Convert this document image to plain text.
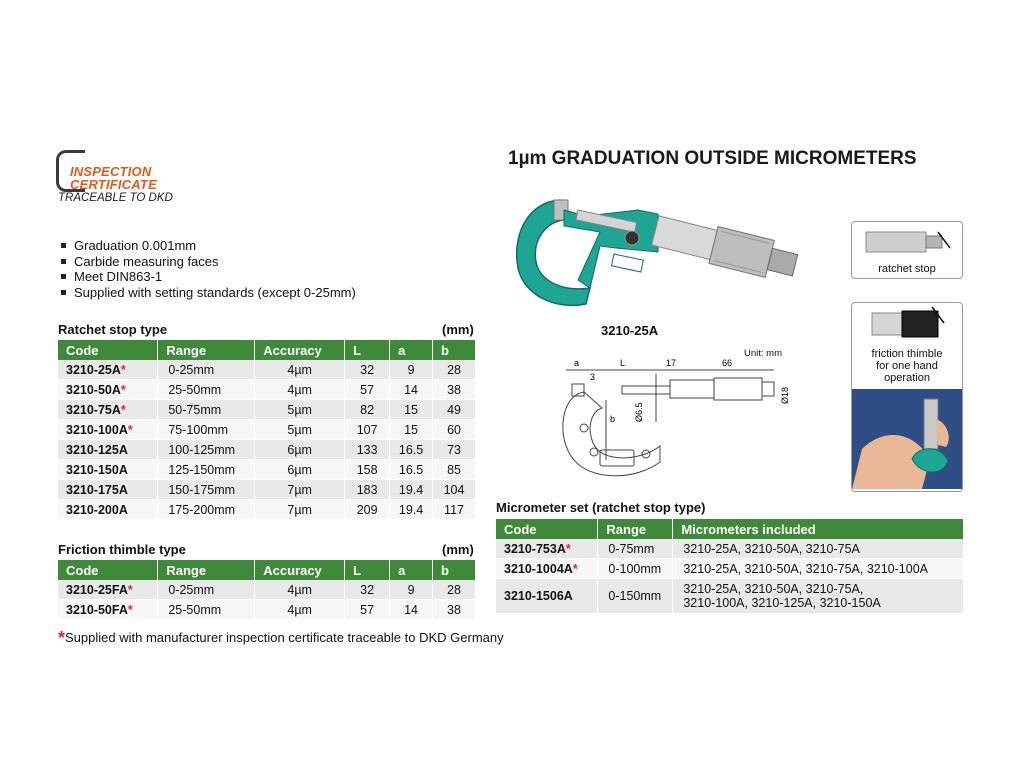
INSPECTION
CERTIFICATE
TRACEABLE TO DKD
1µm GRADUATION OUTSIDE MICROMETERS
Graduation 0.001mm
Carbide measuring faces
Meet DIN863-1
Supplied with setting standards (except 0-25mm)
Ratchet stop type	(mm)
Code	Range	Accuracy	L	a	b
3210-25A*	0-25mm	4µm	32	9	28
3210-50A*	25-50mm	4µm	57	14	38
3210-75A*	50-75mm	5µm	82	15	49
3210-100A*	75-100mm	5µm	107	15	60
3210-125A	100-125mm	6µm	133	16.5	73
3210-150A	125-150mm	6µm	158	16.5	85
3210-175A	150-175mm	7µm	183	19.4	104
3210-200A	175-200mm	7µm	209	19.4	117
Friction thimble type	(mm)
Code	Range	Accuracy	L	a	b
3210-25FA*	0-25mm	4µm	32	9	28
3210-50FA*	25-50mm	4µm	57	14	38
*Supplied with manufacturer inspection certificate traceable to DKD Germany
3210-25A
Unit: mm
a	L	17	66
3
b Ø6.5
Ø18
ratchet stop
friction thimble
for one hand
operation
Micrometer set (ratchet stop type)
Code	Range	Micrometers included
3210-753A*	0-75mm	3210-25A, 3210-50A, 3210-75A

3210-1004A*	0-100mm	3210-25A, 3210-50A, 3210-75A, 3210-100A

3210-1506A	0-150mm	3210-25A, 3210-50A, 3210-75A,
3210-100A, 3210-125A, 3210-150A
